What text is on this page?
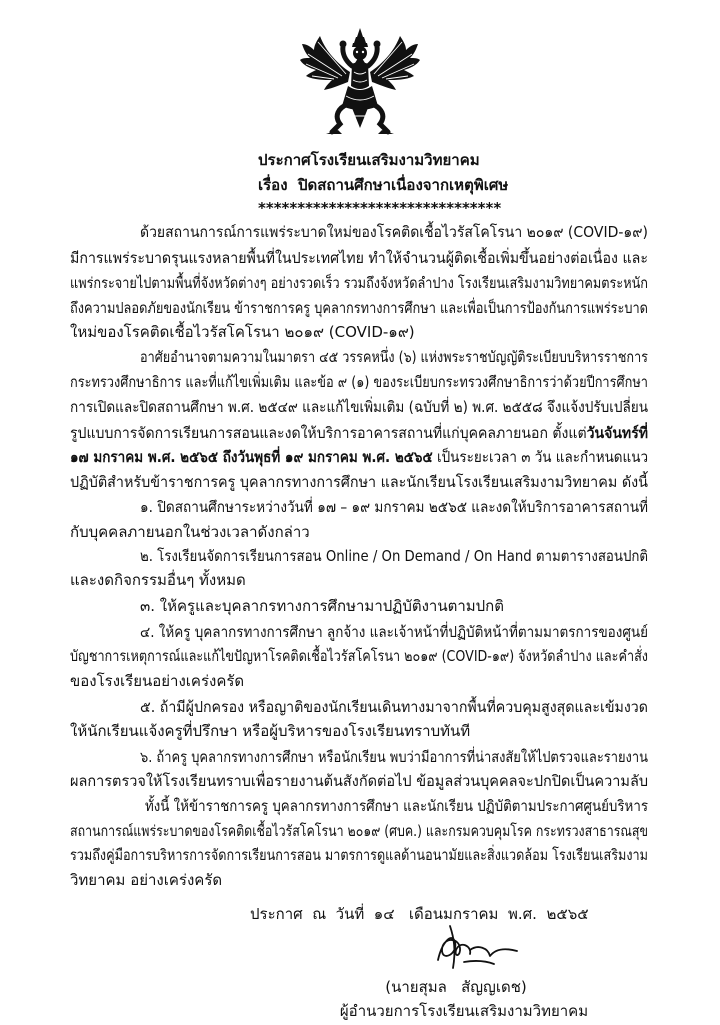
ประกาศโรงเรียนเสริมงามวิทยาคม
เรื่อง  ปิดสถานศึกษาเนื่องจากเหตุพิเศษ
*******************************
ด้วยสถานการณ์การแพร่ระบาดใหม่ของโรคติดเชื้อไวรัสโคโรนา ๒๐๑๙ (COVID-๑๙)
มีการแพร่ระบาดรุนแรงหลายพื้นที่ในประเทศไทย ทำให้จำนวนผู้ติดเชื้อเพิ่มขึ้นอย่างต่อเนื่อง และ
แพร่กระจายไปตามพื้นที่จังหวัดต่างๆ อย่างรวดเร็ว รวมถึงจังหวัดลำปาง โรงเรียนเสริมงามวิทยาคมตระหนัก
ถึงความปลอดภัยของนักเรียน ข้าราชการครู บุคลากรทางการศึกษา และเพื่อเป็นการป้องกันการแพร่ระบาด
ใหม่ของโรคติดเชื้อไวรัสโคโรนา ๒๐๑๙ (COVID-๑๙)
อาศัยอำนาจตามความในมาตรา ๔๕ วรรคหนึ่ง (๖) แห่งพระราชบัญญัติระเบียบบริหารราชการ
กระทรวงศึกษาธิการ และที่แก้ไขเพิ่มเติม และข้อ ๙ (๑) ของระเบียบกระทรวงศึกษาธิการว่าด้วยปีการศึกษา
การเปิดและปิดสถานศึกษา พ.ศ. ๒๕๔๙ และแก้ไขเพิ่มเติม (ฉบับที่ ๒) พ.ศ. ๒๕๕๘ จึงแจ้งปรับเปลี่ยน
รูปแบบการจัดการเรียนการสอนและงดให้บริการอาคารสถานที่แก่บุคคลภายนอก ตั้งแต่วันจันทร์ที่
๑๗ มกราคม พ.ศ. ๒๕๖๕ ถึงวันพุธที่ ๑๙ มกราคม พ.ศ. ๒๕๖๕ เป็นระยะเวลา ๓ วัน และกำหนดแนว
ปฏิบัติสำหรับข้าราชการครู บุคลากรทางการศึกษา และนักเรียนโรงเรียนเสริมงามวิทยาคม ดังนี้
๑. ปิดสถานศึกษาระหว่างวันที่ ๑๗ – ๑๙ มกราคม ๒๕๖๕ และงดให้บริการอาคารสถานที่
กับบุคคลภายนอกในช่วงเวลาดังกล่าว
๒. โรงเรียนจัดการเรียนการสอน Online / On Demand / On Hand ตามตารางสอนปกติ
และงดกิจกรรมอื่นๆ ทั้งหมด
๓. ให้ครูและบุคลากรทางการศึกษามาปฏิบัติงานตามปกติ
๔. ให้ครู บุคลากรทางการศึกษา ลูกจ้าง และเจ้าหน้าที่ปฏิบัติหน้าที่ตามมาตรการของศูนย์
บัญชาการเหตุการณ์และแก้ไขปัญหาโรคติดเชื้อไวรัสโคโรนา ๒๐๑๙ (COVID-๑๙) จังหวัดลำปาง และคำสั่ง
ของโรงเรียนอย่างเคร่งครัด
๕. ถ้ามีผู้ปกครอง หรือญาติของนักเรียนเดินทางมาจากพื้นที่ควบคุมสูงสุดและเข้มงวด
ให้นักเรียนแจ้งครูที่ปรึกษา หรือผู้บริหารของโรงเรียนทราบทันที
๖. ถ้าครู บุคลากรทางการศึกษา หรือนักเรียน พบว่ามีอาการที่น่าสงสัยให้ไปตรวจและรายงาน
ผลการตรวจให้โรงเรียนทราบเพื่อรายงานต้นสังกัดต่อไป ข้อมูลส่วนบุคคลจะปกปิดเป็นความลับ
ทั้งนี้ ให้ข้าราชการครู บุคลากรทางการศึกษา และนักเรียน ปฏิบัติตามประกาศศูนย์บริหาร
สถานการณ์แพร่ระบาดของโรคติดเชื้อไวรัสโคโรนา ๒๐๑๙ (ศบค.) และกรมควบคุมโรค กระทรวงสาธารณสุข
รวมถึงคู่มือการบริหารการจัดการเรียนการสอน มาตรการดูแลด้านอนามัยและสิ่งแวดล้อม โรงเรียนเสริมงาม
วิทยาคม อย่างเคร่งครัด
ประกาศ  ณ  วันที่  ๑๔   เดือนมกราคม  พ.ศ.  ๒๕๖๕
(นายสุมล   สัญญเดช)
ผู้อำนวยการโรงเรียนเสริมงามวิทยาคม
